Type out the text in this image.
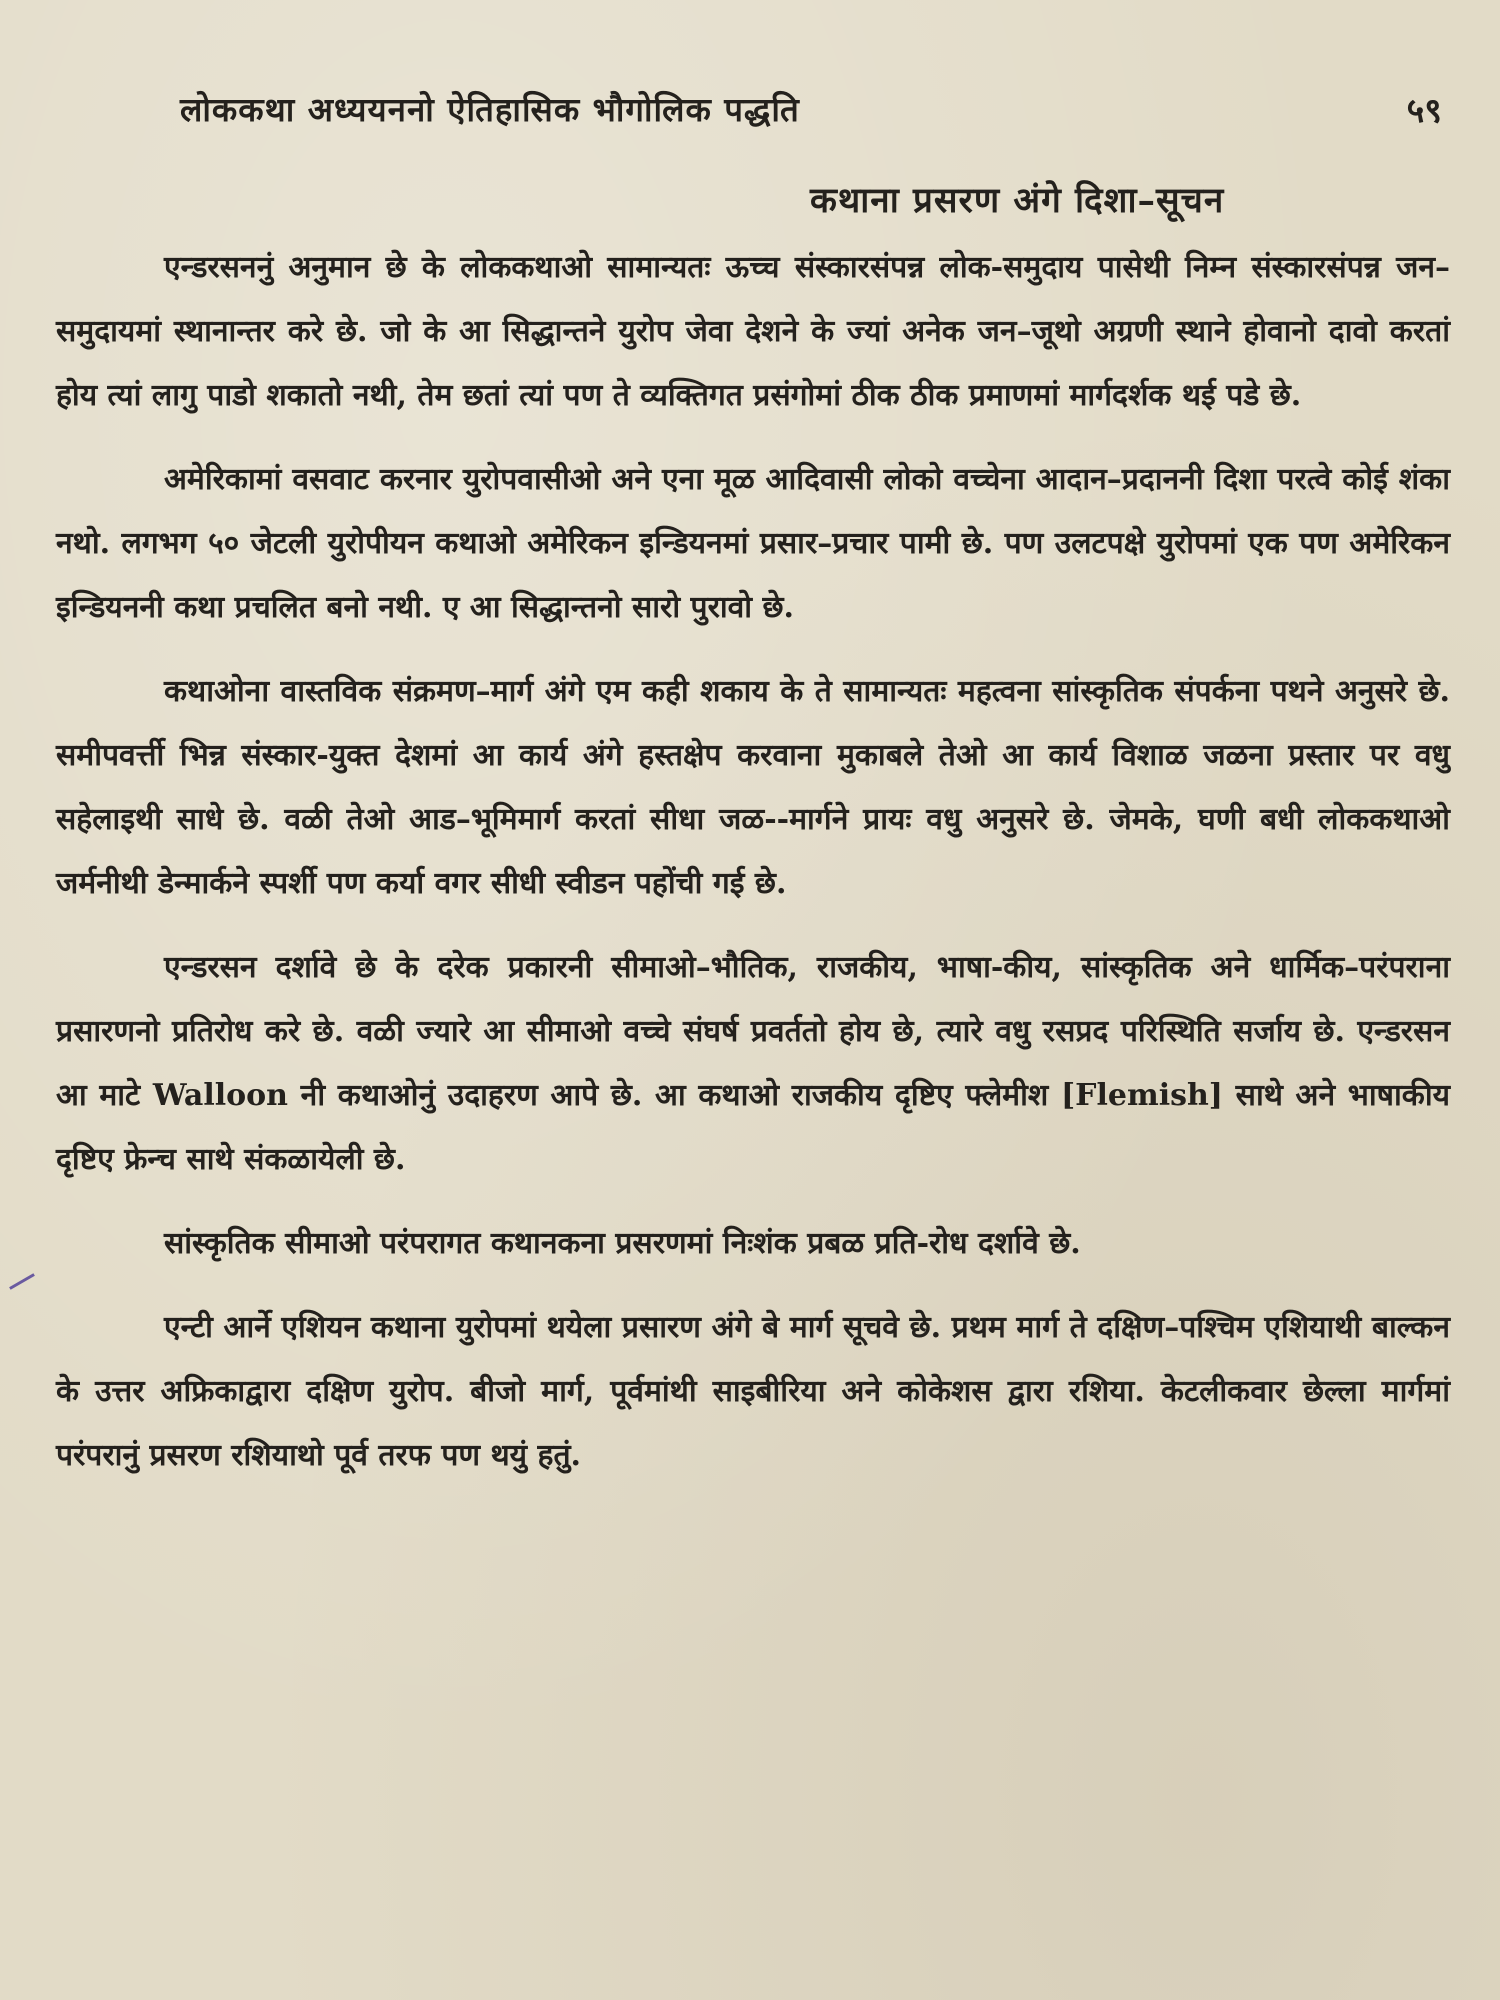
लोककथा अध्ययननो ऐतिहासिक भौगोलिक पद्धति	५९
कथाना प्रसरण अंगे दिशा–सूचन

एन्डरसननुं अनुमान छे के लोककथाओ सामान्यतः ऊच्च संस्कारसंपन्न लोक-समुदाय पासेथी निम्न संस्कारसंपन्न जन–समुदायमां स्थानान्तर करे छे. जो के आ सिद्धान्तने युरोप जेवा देशने के ज्यां अनेक जन–जूथो अग्रणी स्थाने होवानो दावो करतां होय त्यां लागु पाडो शकातो नथी, तेम छतां त्यां पण ते व्यक्तिगत प्रसंगोमां ठीक ठीक प्रमाणमां मार्गदर्शक थई पडे छे.

अमेरिकामां वसवाट करनार युरोपवासीओ अने एना मूळ आदिवासी लोको वच्चेना आदान–प्रदाननी दिशा परत्वे कोई शंका नथो. लगभग ५० जेटली युरोपीयन कथाओ अमेरिकन इन्डियनमां प्रसार–प्रचार पामी छे. पण उलटपक्षे युरोपमां एक पण अमेरिकन इन्डियननी कथा प्रचलित बनो नथी. ए आ सिद्धान्तनो सारो पुरावो छे.

कथाओना वास्तविक संक्रमण–मार्ग अंगे एम कही शकाय के ते सामान्यतः महत्वना सांस्कृतिक संपर्कना पथने अनुसरे छे. समीपवर्त्ती भिन्न संस्कार-युक्त देशमां आ कार्य अंगे हस्तक्षेप करवाना मुकाबले तेओ आ कार्य विशाळ जळना प्रस्तार पर वधु सहेलाइथी साधे छे. वळी तेओ आड–भूमिमार्ग करतां सीधा जळ--मार्गने प्रायः वधु अनुसरे छे. जेमके, घणी बधी लोककथाओ जर्मनीथी डेन्मार्कने स्पर्शी पण कर्या वगर सीधी स्वीडन पहोंची गई छे.

एन्डरसन दर्शावे छे के दरेक प्रकारनी सीमाओ–भौतिक, राजकीय, भाषा-कीय, सांस्कृतिक अने धार्मिक–परंपराना प्रसारणनो प्रतिरोध करे छे. वळी ज्यारे आ सीमाओ वच्चे संघर्ष प्रवर्ततो होय छे, त्यारे वधु रसप्रद परिस्थिति सर्जाय छे. एन्डरसन आ माटे Walloon नी कथाओनुं उदाहरण आपे छे. आ कथाओ राजकीय दृष्टिए फ्लेमीश [Flemish] साथे अने भाषाकीय दृष्टिए फ्रेन्च साथे संकळायेली छे.

सांस्कृतिक सीमाओ परंपरागत कथानकना प्रसरणमां निःशंक प्रबळ प्रति-रोध दर्शावे छे.

एन्टी आर्ने एशियन कथाना युरोपमां थयेला प्रसारण अंगे बे मार्ग सूचवे छे. प्रथम मार्ग ते दक्षिण–पश्चिम एशियाथी बाल्कन के उत्तर अफ्रिकाद्वारा दक्षिण युरोप. बीजो मार्ग, पूर्वमांथी साइबीरिया अने कोकेशस द्वारा रशिया. केटलीकवार छेल्ला मार्गमां परंपरानुं प्रसरण रशियाथो पूर्व तरफ पण थयुं हतुं.
